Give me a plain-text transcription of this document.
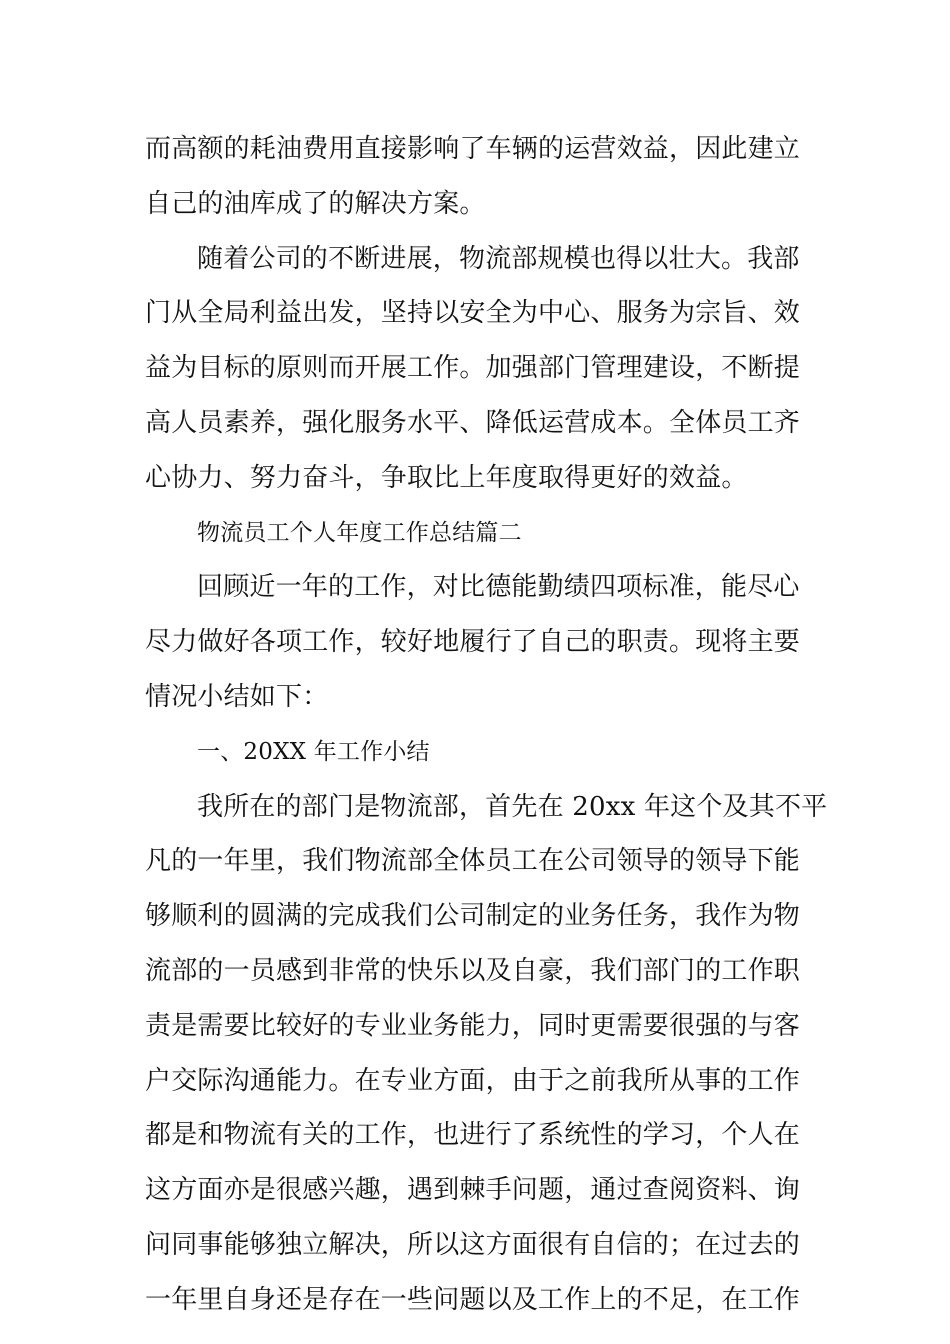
而高额的耗油费用直接影响了车辆的运营效益，因此建立
自己的油库成了的解决方案。
随着公司的不断进展，物流部规模也得以壮大。我部
门从全局利益出发，坚持以安全为中心、服务为宗旨、效
益为目标的原则而开展工作。加强部门管理建设，不断提
高人员素养，强化服务水平、降低运营成本。全体员工齐
心协力、努力奋斗，争取比上年度取得更好的效益。
物流员工个人年度工作总结篇二
回顾近一年的工作，对比德能勤绩四项标准，能尽心
尽力做好各项工作，较好地履行了自己的职责。现将主要
情况小结如下：
一、20XX 年工作小结
我所在的部门是物流部，首先在 20xx 年这个及其不平
凡的一年里，我们物流部全体员工在公司领导的领导下能
够顺利的圆满的完成我们公司制定的业务任务，我作为物
流部的一员感到非常的快乐以及自豪，我们部门的工作职
责是需要比较好的专业业务能力，同时更需要很强的与客
户交际沟通能力。在专业方面，由于之前我所从事的工作
都是和物流有关的工作，也进行了系统性的学习，个人在
这方面亦是很感兴趣，遇到棘手问题，通过查阅资料、询
问同事能够独立解决，所以这方面很有自信的；在过去的
一年里自身还是存在一些问题以及工作上的不足，在工作
